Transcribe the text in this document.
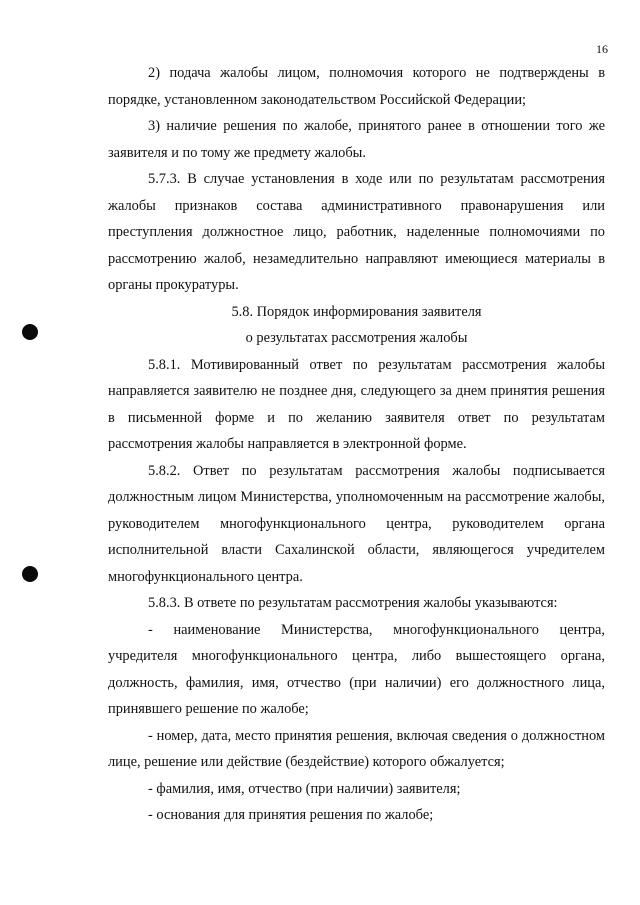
16

2) подача жалобы лицом, полномочия которого не подтверждены в порядке, установленном законодательством Российской Федерации;

3) наличие решения по жалобе, принятого ранее в отношении того же заявителя и по тому же предмету жалобы.

5.7.3. В случае установления в ходе или по результатам рассмотрения жалобы признаков состава административного правонарушения или преступления должностное лицо, работник, наделенные полномочиями по рассмотрению жалоб, незамедлительно направляют имеющиеся материалы в органы прокуратуры.

5.8. Порядок информирования заявителя

о результатах рассмотрения жалобы

5.8.1. Мотивированный ответ по результатам рассмотрения жалобы направляется заявителю не позднее дня, следующего за днем принятия решения в письменной форме и по желанию заявителя ответ по результатам рассмотрения жалобы направляется в электронной форме.

5.8.2. Ответ по результатам рассмотрения жалобы подписывается должностным лицом Министерства, уполномоченным на рассмотрение жалобы, руководителем многофункционального центра, руководителем органа исполнительной власти Сахалинской области, являющегося учредителем многофункционального центра.

5.8.3. В ответе по результатам рассмотрения жалобы указываются:

- наименование Министерства, многофункционального центра, учредителя многофункционального центра, либо вышестоящего органа, должность, фамилия, имя, отчество (при наличии) его должностного лица, принявшего решение по жалобе;

- номер, дата, место принятия решения, включая сведения о должностном лице, решение или действие (бездействие) которого обжалуется;

- фамилия, имя, отчество (при наличии) заявителя;

- основания для принятия решения по жалобе;
